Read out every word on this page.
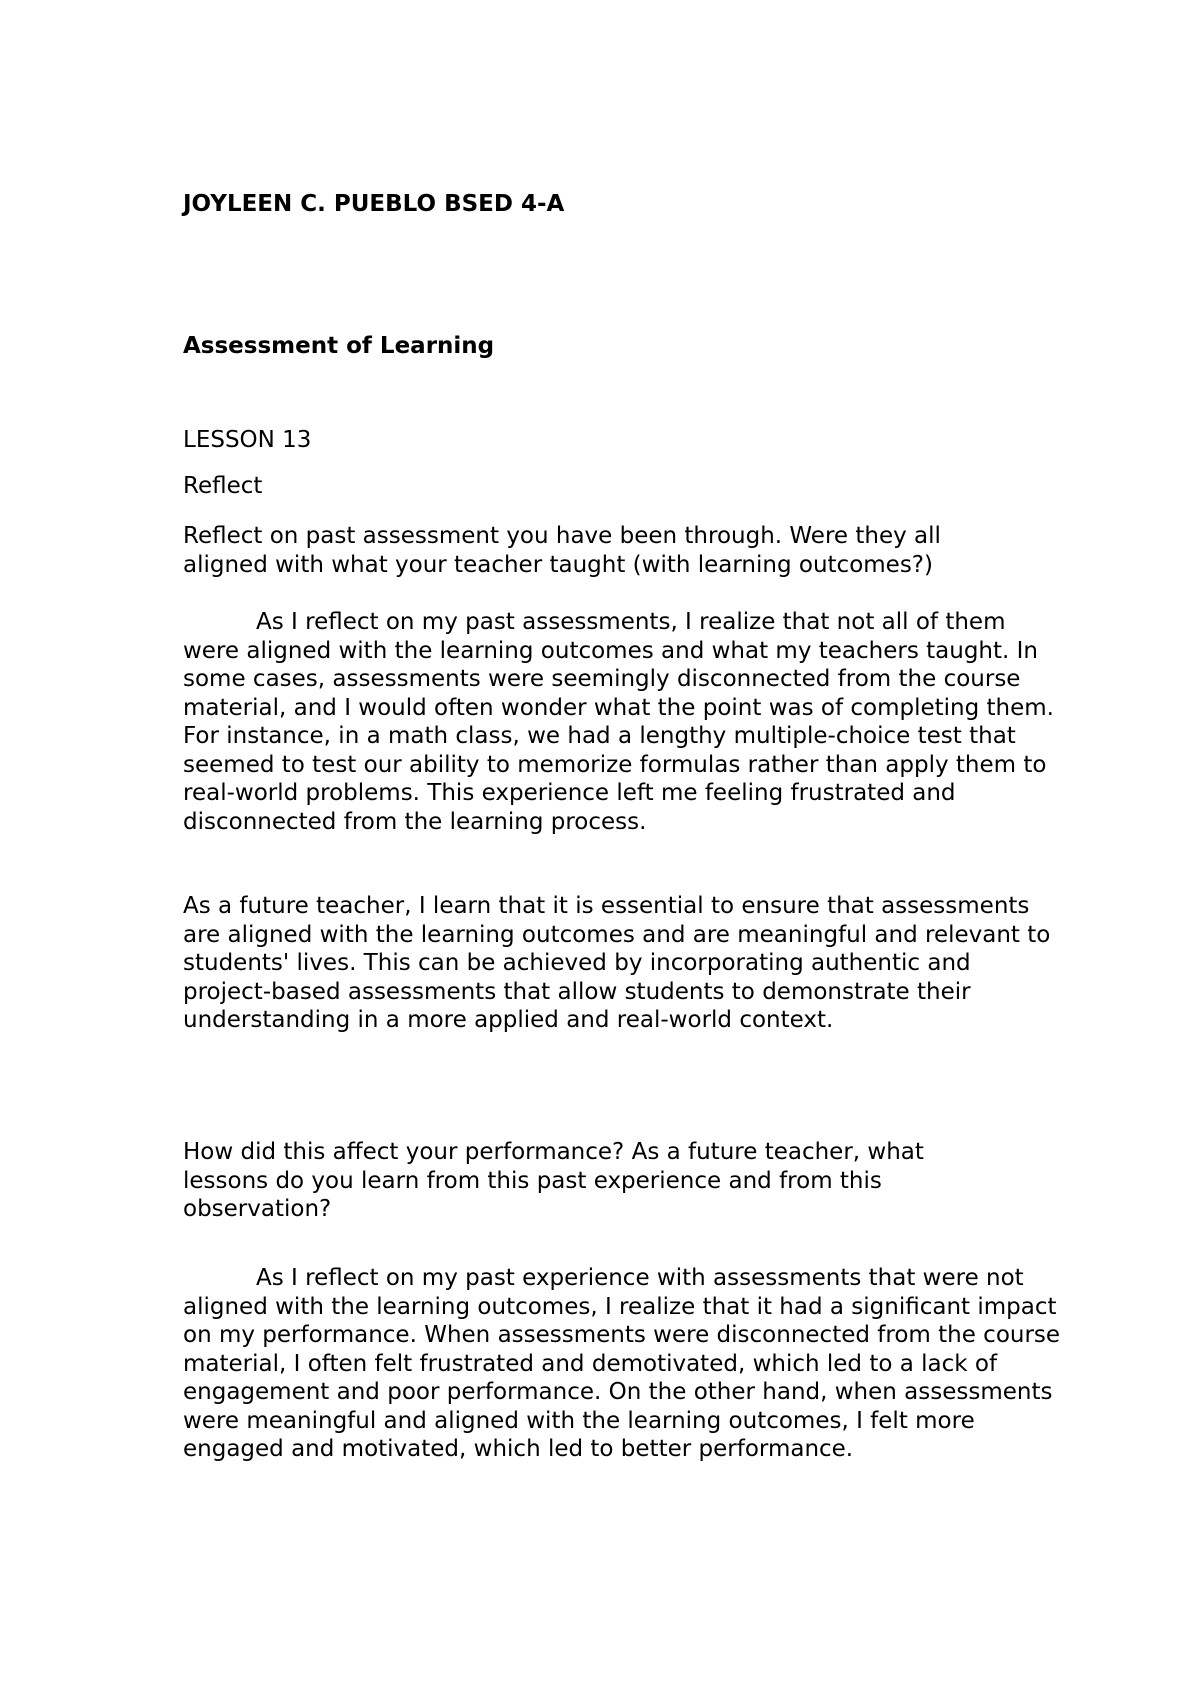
JOYLEEN C. PUEBLO BSED 4-A

Assessment of Learning

LESSON 13

Reflect

Reflect on past assessment you have been through. Were they all aligned with what your teacher taught (with learning outcomes?)

As I reflect on my past assessments, I realize that not all of them were aligned with the learning outcomes and what my teachers taught. In some cases, assessments were seemingly disconnected from the course material, and I would often wonder what the point was of completing them. For instance, in a math class, we had a lengthy multiple-choice test that seemed to test our ability to memorize formulas rather than apply them to real-world problems. This experience left me feeling frustrated and disconnected from the learning process.

As a future teacher, I learn that it is essential to ensure that assessments are aligned with the learning outcomes and are meaningful and relevant to students' lives. This can be achieved by incorporating authentic and project-based assessments that allow students to demonstrate their understanding in a more applied and real-world context.

How did this affect your performance? As a future teacher, what lessons do you learn from this past experience and from this observation?

As I reflect on my past experience with assessments that were not aligned with the learning outcomes, I realize that it had a significant impact on my performance. When assessments were disconnected from the course material, I often felt frustrated and demotivated, which led to a lack of engagement and poor performance. On the other hand, when assessments were meaningful and aligned with the learning outcomes, I felt more engaged and motivated, which led to better performance.
